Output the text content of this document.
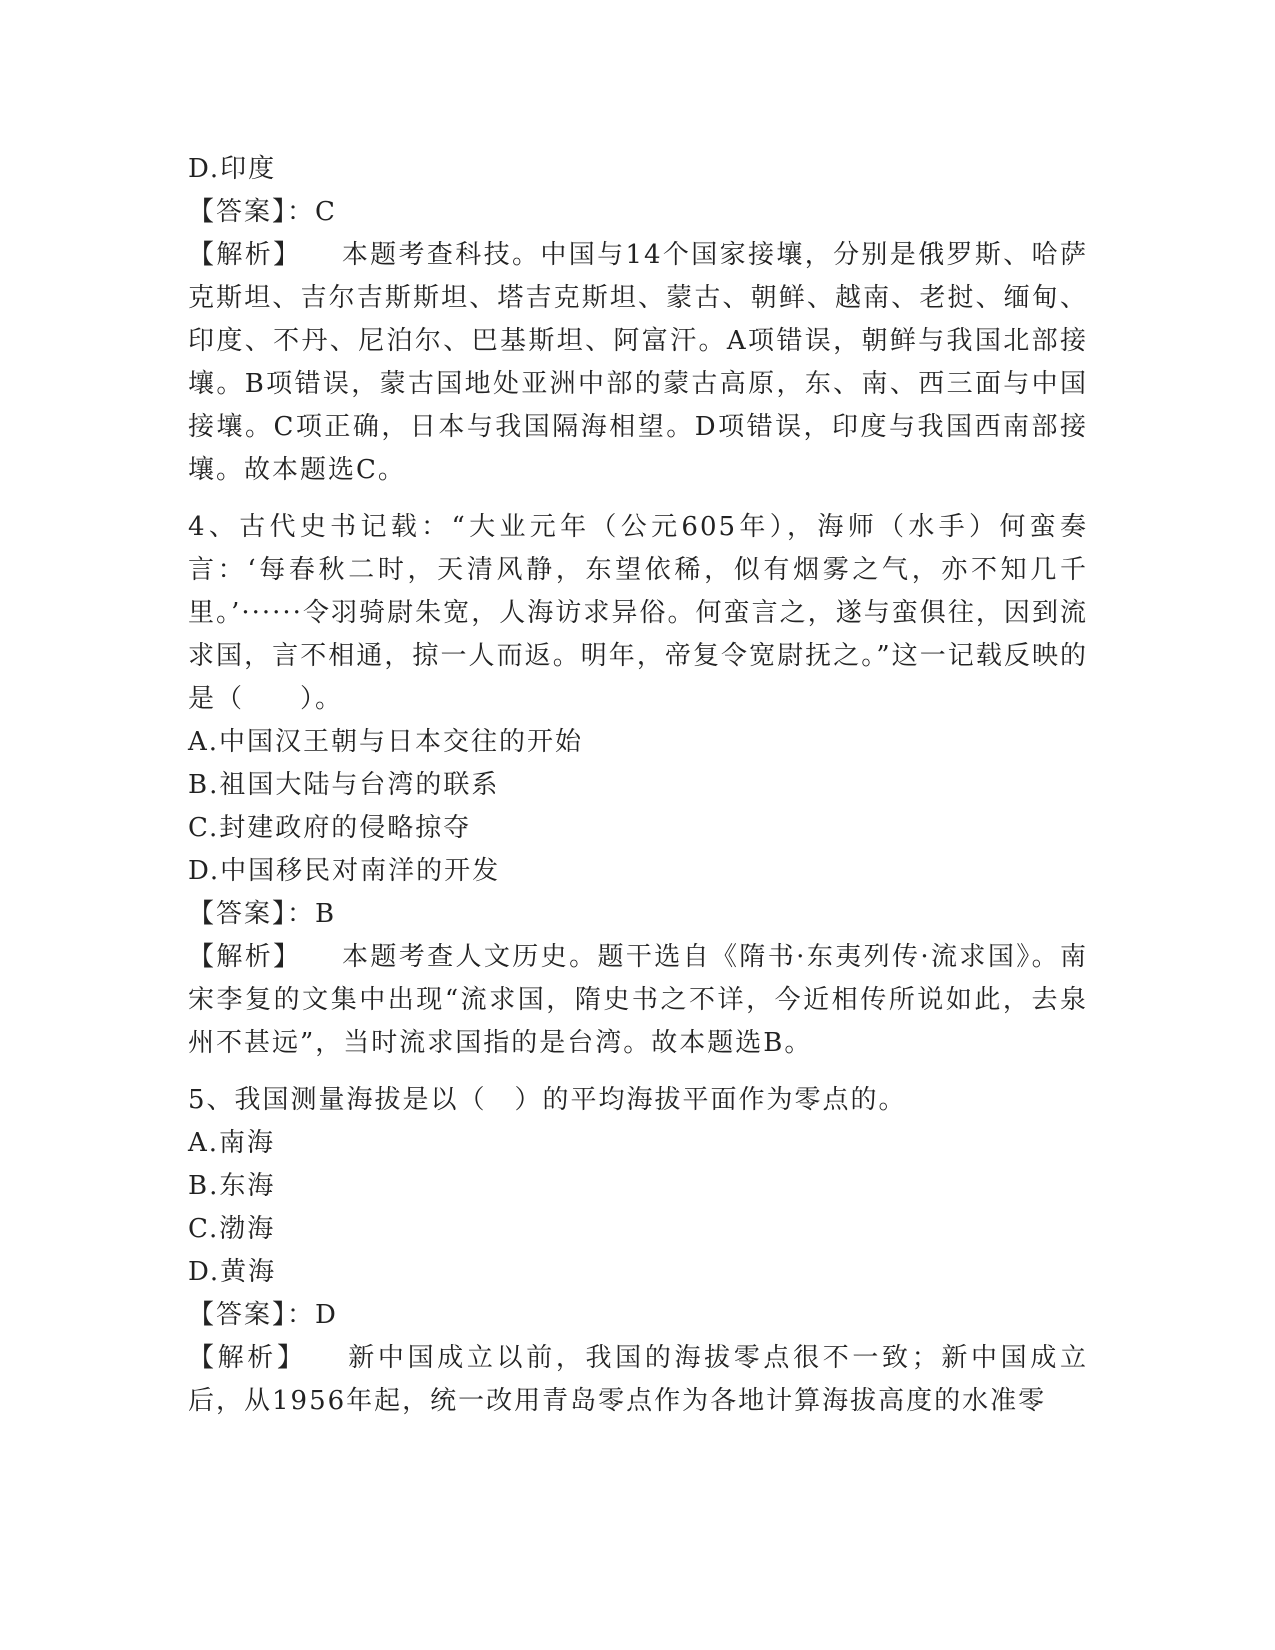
D.印度
【答案】：C
【解析】 本题考查科技。中国与14个国家接壤，分别是俄罗斯、哈萨克斯坦、吉尔吉斯斯坦、塔吉克斯坦、蒙古、朝鲜、越南、老挝、缅甸、印度、不丹、尼泊尔、巴基斯坦、阿富汗。A项错误，朝鲜与我国北部接壤。B项错误，蒙古国地处亚洲中部的蒙古高原，东、南、西三面与中国接壤。C项正确，日本与我国隔海相望。D项错误，印度与我国西南部接壤。故本题选C。
4、古代史书记载：“大业元年（公元605年），海师（水手）何蛮奏言：‘每春秋二时，天清风静，东望依稀，似有烟雾之气，亦不知几千里。’······令羽骑尉朱宽，人海访求异俗。何蛮言之，遂与蛮俱往，因到流求国，言不相通，掠一人而返。明年，帝复令宽尉抚之。”这一记载反映的是（　　）。
A.中国汉王朝与日本交往的开始
B.祖国大陆与台湾的联系
C.封建政府的侵略掠夺
D.中国移民对南洋的开发
【答案】：B
【解析】 本题考查人文历史。题干选自《隋书·东夷列传·流求国》。南宋李复的文集中出现“流求国，隋史书之不详，今近相传所说如此，去泉州不甚远”，当时流求国指的是台湾。故本题选B。
5、我国测量海拔是以（　）的平均海拔平面作为零点的。
A.南海
B.东海
C.渤海
D.黄海
【答案】：D
【解析】 新中国成立以前，我国的海拔零点很不一致；新中国成立后，从1956年起，统一改用青岛零点作为各地计算海拔高度的水准零
